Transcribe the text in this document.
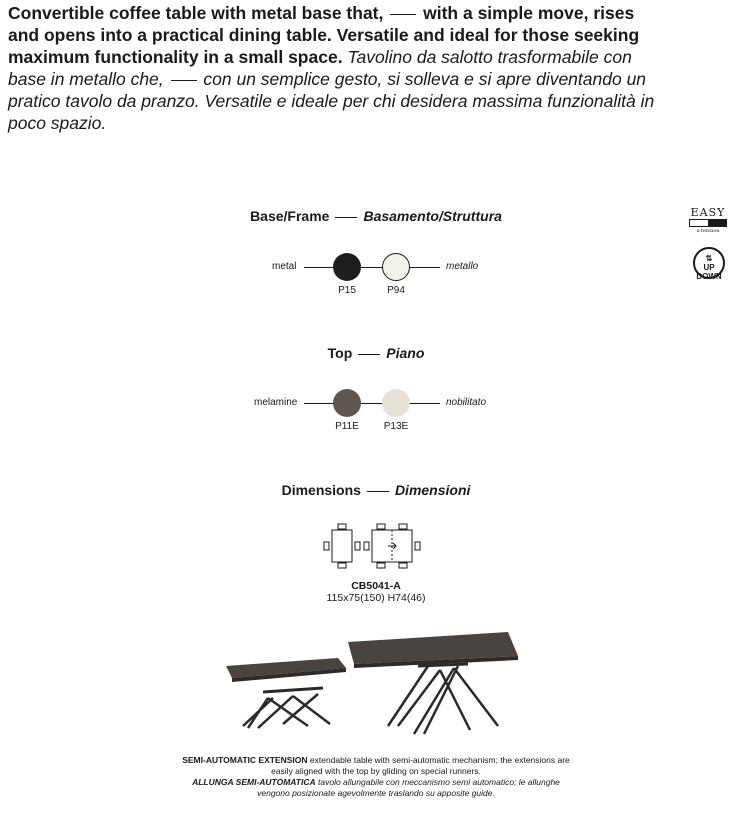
Convertible coffee table with metal base that, with a simple move, rises and opens into a practical dining table. Versatile and ideal for those seeking maximum functionality in a small space. Tavolino da salotto trasformabile con base in metallo che, con un semplice gesto, si solleva e si apre diventando un pratico tavolo da pranzo. Versatile e ideale per chi desidera massima funzionalità in poco spazio.
EASY
x-tension
⇅
UP
DOWN
Base/Frame Basamento/Struttura
metal	metallo
P15	P94
Top Piano
melamine	nobilitato
P11E	P13E
Dimensions Dimensioni
CB5041-A
115x75(150) H74(46)
SEMI-AUTOMATIC EXTENSION extendable table with semi-automatic mechanism; the extensions are easily aligned with the top by gliding on special runners.
ALLUNGA SEMI-AUTOMATICA tavolo allungabile con meccanismo semi automatico; le allunghe vengono posizionate agevolmente traslando su apposite guide.
